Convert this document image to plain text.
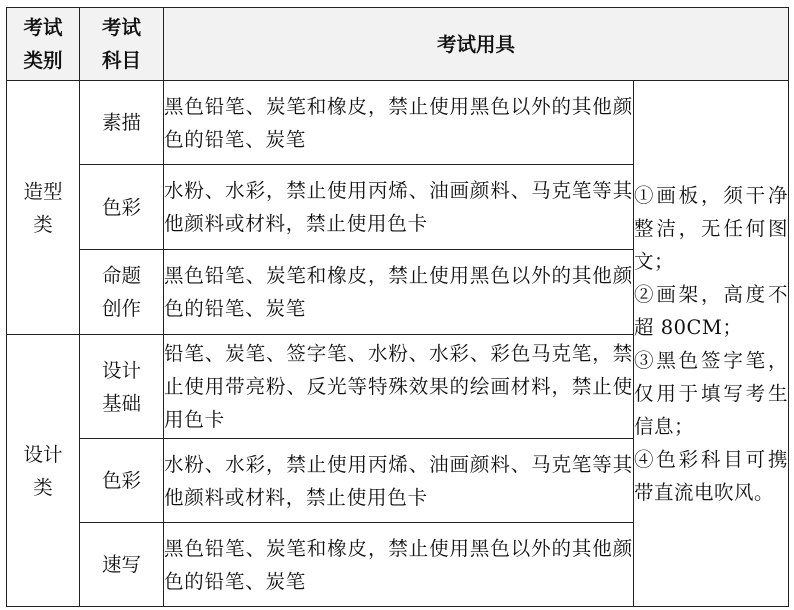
考试类别	考试科目	考试用具	
造型类	素描	黑色铅笔、炭笔和橡皮，禁止使用黑色以外的其他颜色的铅笔、炭笔	①画板，须干净整洁，无任何图文；
②画架，高度不超 80CM；
③黑色签字笔，仅用于填写考生信息；
④色彩科目可携带直流电吹风。

	色彩	水粉、水彩，禁止使用丙烯、油画颜料、马克笔等其他颜料或材料，禁止使用色卡	
	命题创作	黑色铅笔、炭笔和橡皮，禁止使用黑色以外的其他颜色的铅笔、炭笔	
设计类	设计基础	铅笔、炭笔、签字笔、水粉、水彩、彩色马克笔，禁止使用带亮粉、反光等特殊效果的绘画材料，禁止使用色卡	
	色彩	水粉、水彩，禁止使用丙烯、油画颜料、马克笔等其他颜料或材料，禁止使用色卡	
	速写	黑色铅笔、炭笔和橡皮，禁止使用黑色以外的其他颜色的铅笔、炭笔	
